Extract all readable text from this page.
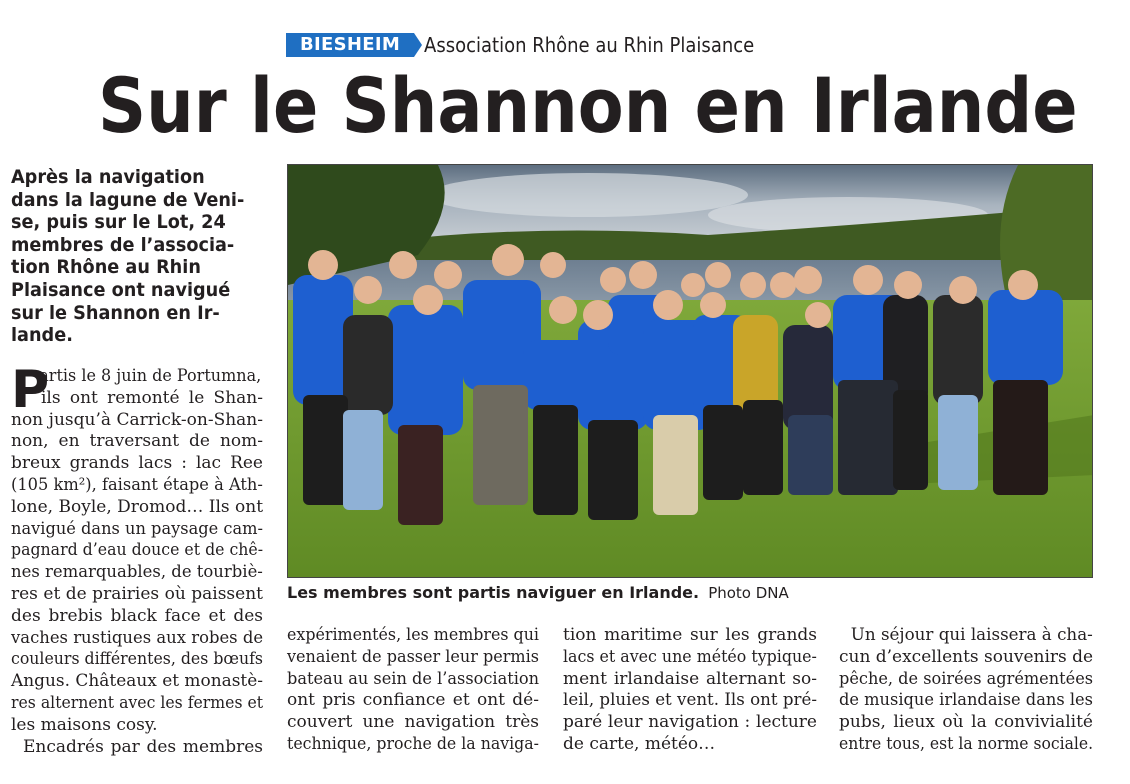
BIESHEIM	Association Rhône au Rhin Plaisance
Sur le Shannon en Irlande
Après la navigation
dans la lagune de Veni-
se, puis sur le Lot, 24
membres de l’associa-
tion Rhône au Rhin
Plaisance ont navigué
sur le Shannon en Ir-
lande.
Les membres sont partis naviguer en Irlande. Photo DNA
P
artis le 8 juin de Portumna,
ils ont remonté le Shan-
non jusqu’à Carrick-on-Shan-
non, en traversant de nom-
breux grands lacs : lac Ree
(105 km²), faisant étape à Ath-
lone, Boyle, Dromod… Ils ont
navigué dans un paysage cam-
pagnard d’eau douce et de chê-
nes remarquables, de tourbiè-
res et de prairies où paissent
des brebis black face et des
vaches rustiques aux robes de
couleurs différentes, des bœufs
Angus. Châteaux et monastè-
res alternent avec les fermes et
les maisons cosy.
Encadrés par des membres
expérimentés, les membres qui
venaient de passer leur permis
bateau au sein de l’association
ont pris confiance et ont dé-
couvert une navigation très
technique, proche de la naviga-
tion maritime sur les grands
lacs et avec une météo typique-
ment irlandaise alternant so-
leil, pluies et vent. Ils ont pré-
paré leur navigation : lecture
de carte, météo…
Un séjour qui laissera à cha-
cun d’excellents souvenirs de
pêche, de soirées agrémentées
de musique irlandaise dans les
pubs, lieux où la convivialité
entre tous, est la norme sociale.
